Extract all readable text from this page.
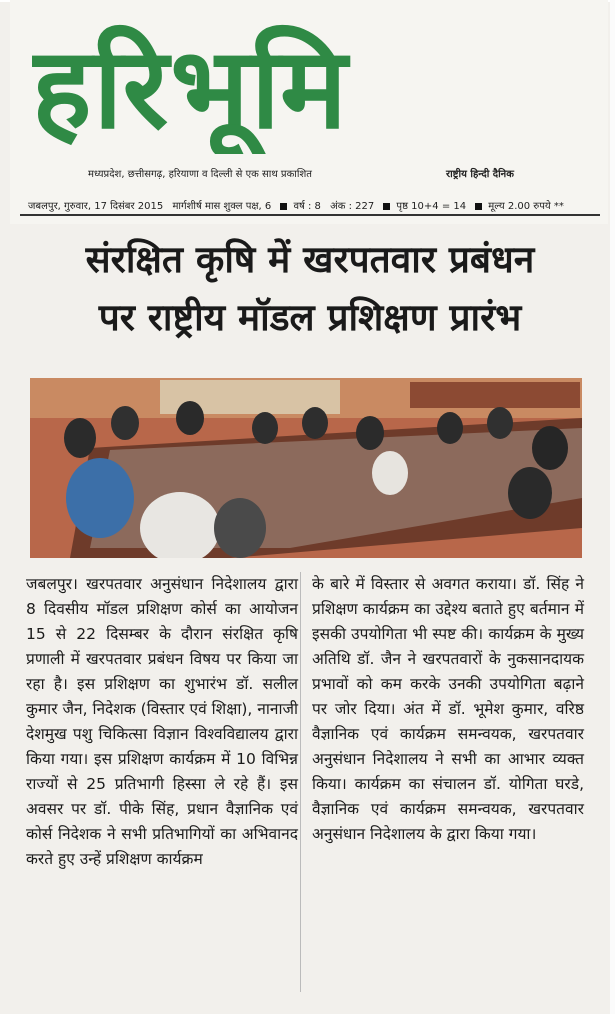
हरिभूमि
मध्यप्रदेश, छत्तीसगढ़, हरियाणा व दिल्ली से एक साथ प्रकाशित	राष्ट्रीय हिन्दी दैनिक
जबलपुर, गुरुवार, 17 दिसंबर 2015 मार्गशीर्ष मास शुक्ल पक्ष, 6 वर्ष : 8 अंक : 227 पृष्ठ 10+4 = 14 मूल्य 2.00 रुपये **
संरक्षित कृषि में खरपतवार प्रबंधन
पर राष्ट्रीय मॉडल प्रशिक्षण प्रारंभ

जबलपुर। खरपतवार अनुसंधान निदेशालय द्वारा 8 दिवसीय मॉडल प्रशिक्षण कोर्स का आयोजन 15 से 22 दिसम्बर के दौरान संरक्षित कृषि प्रणाली में खरपतवार प्रबंधन विषय पर किया जा रहा है। इस प्रशिक्षण का शुभारंभ डॉ. सलील कुमार जैन, निदेशक (विस्तार एवं शिक्षा), नानाजी देशमुख पशु चिकित्सा विज्ञान विश्वविद्यालय द्वारा किया गया। इस प्रशिक्षण कार्यक्रम में 10 विभिन्न राज्यों से 25 प्रतिभागी हिस्सा ले रहे हैं। इस अवसर पर डॉ. पीके सिंह, प्रधान वैज्ञानिक एवं कोर्स निदेशक ने सभी प्रतिभागियों का अभिवानद करते हुए उन्हें प्रशिक्षण कार्यक्रम

के बारे में विस्तार से अवगत कराया। डॉ. सिंह ने प्रशिक्षण कार्यक्रम का उद्देश्य बताते हुए बर्तमान में इसकी उपयोगिता भी स्पष्ट की। कार्यक्रम के मुख्य अतिथि डॉ. जैन ने खरपतवारों के नुकसानदायक प्रभावों को कम करके उनकी उपयोगिता बढ़ाने पर जोर दिया। अंत में डॉ. भूमेश कुमार, वरिष्ठ वैज्ञानिक एवं कार्यक्रम समन्वयक, खरपतवार अनुसंधान निदेशालय ने सभी का आभार व्यक्त किया। कार्यक्रम का संचालन डॉ. योगिता घरडे, वैज्ञानिक एवं कार्यक्रम समन्वयक, खरपतवार अनुसंधान निदेशालय के द्वारा किया गया।
